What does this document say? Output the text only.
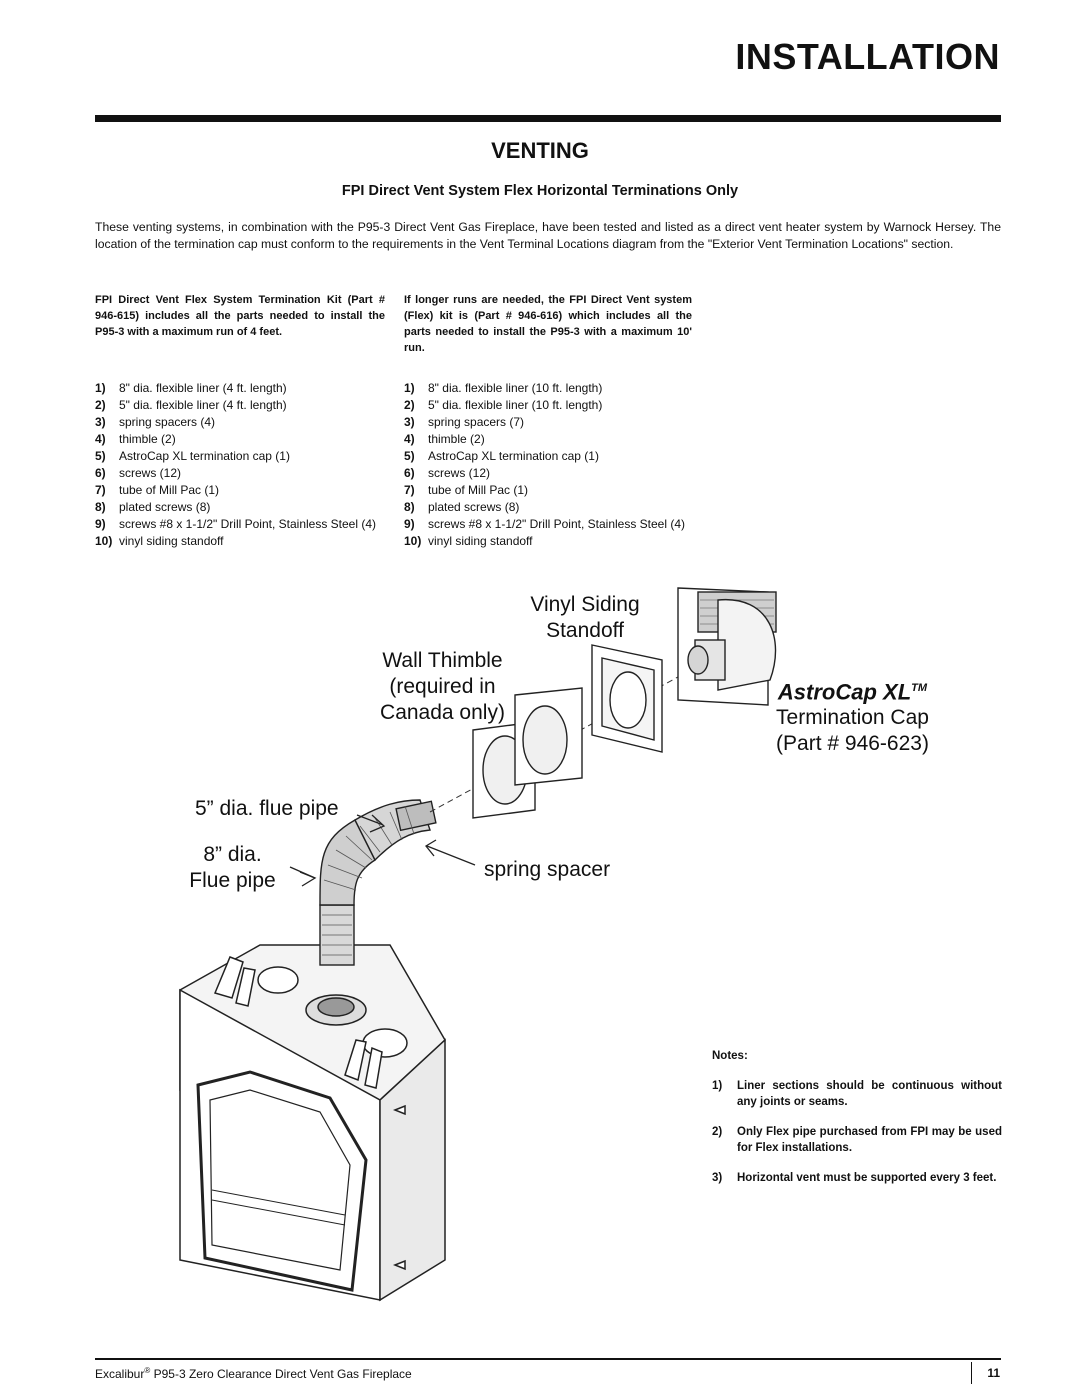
INSTALLATION
VENTING
FPI Direct Vent System Flex Horizontal Terminations Only
These venting systems, in combination with the P95-3 Direct Vent Gas Fireplace, have been tested and listed as a direct vent heater system by Warnock Hersey. The location of the termination cap must conform to the requirements in the Vent Terminal Locations diagram from the "Exterior Vent Termination Locations" section.
FPI Direct Vent Flex System Termination Kit (Part # 946-615) includes all the parts needed to install the P95-3 with a maximum run of 4 feet.
If longer runs are needed, the FPI Direct Vent system (Flex) kit is (Part # 946-616) which includes all the parts needed to install the P95-3 with a maximum 10' run.
1)	8" dia. flexible liner (4 ft. length)
2)	5" dia. flexible liner (4 ft. length)
3)	spring spacers (4)
4)	thimble (2)
5)	AstroCap XL termination cap (1)
6)	screws (12)
7)	tube of Mill Pac (1)
8)	plated screws (8)
9)	screws #8 x 1-1/2" Drill Point, Stainless Steel (4)
10) vinyl siding standoff
1)	8" dia. flexible liner (10 ft. length)
2)	5" dia. flexible liner (10 ft. length)
3)	spring spacers (7)
4)	thimble (2)
5)	AstroCap XL termination cap (1)
6)	screws (12)
7)	tube of Mill Pac (1)
8)	plated screws (8)
9)	screws #8 x 1-1/2" Drill Point, Stainless Steel (4)
10) vinyl siding standoff
Vinyl Siding
Standoff
Wall Thimble
(required in
Canada only)
AstroCap XL™
Termination Cap
(Part # 946-623)
5” dia. flue pipe
8” dia.
Flue pipe	spring spacer
Notes:
1)	Liner sections should be continuous without any joints or seams.
2)	Only Flex pipe purchased from FPI may be used for Flex installations.
3)	Horizontal vent must be supported every 3 feet.
Excalibur® P95-3 Zero Clearance Direct Vent Gas Fireplace	11
